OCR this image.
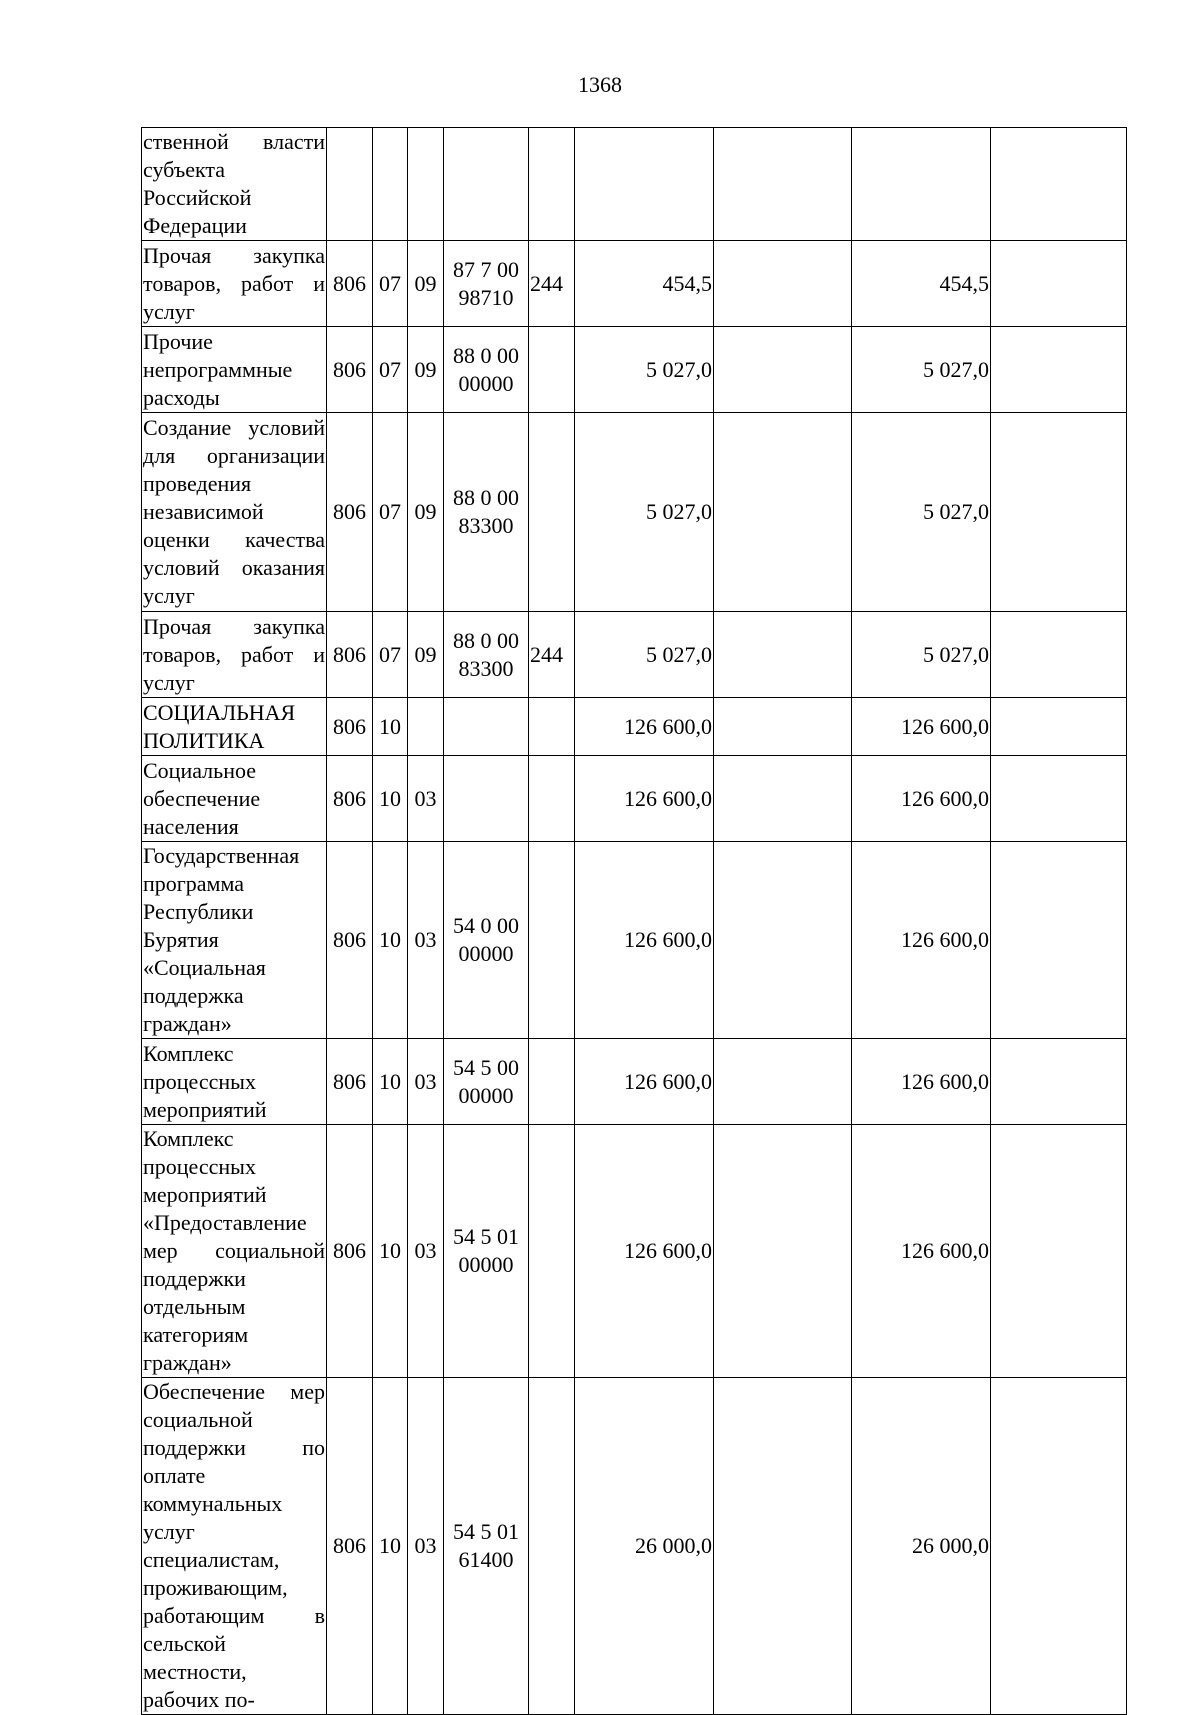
1368
ственной власти субъекта Российской Федерации									
Прочая закупка товаров, работ и услуг	806	07	09	87 7 00 98710	244	454,5		454,5	
Прочие непрограммные расходы	806	07	09	88 0 00 00000		5 027,0		5 027,0	
Создание условий для организации проведения независимой оценки качества условий оказания услуг	806	07	09	88 0 00 83300		5 027,0		5 027,0	
Прочая закупка товаров, работ и услуг	806	07	09	88 0 00 83300	244	5 027,0		5 027,0	
СОЦИАЛЬНАЯ ПОЛИТИКА	806	10				126 600,0		126 600,0	
Социальное обеспечение населения	806	10	03			126 600,0		126 600,0	
Государственная программа Республики Бурятия «Социальная поддержка граждан»	806	10	03	54 0 00 00000		126 600,0		126 600,0	
Комплекс процессных мероприятий	806	10	03	54 5 00 00000		126 600,0		126 600,0	
Комплекс процессных мероприятий «Предоставление мер социальной поддержки отдельным категориям граждан»	806	10	03	54 5 01 00000		126 600,0		126 600,0	
Обеспечение мер социальной поддержки по оплате коммунальных услуг специалистам, проживающим, работающим в сельской местности, рабочих по-	806	10	03	54 5 01 61400		26 000,0		26 000,0	
